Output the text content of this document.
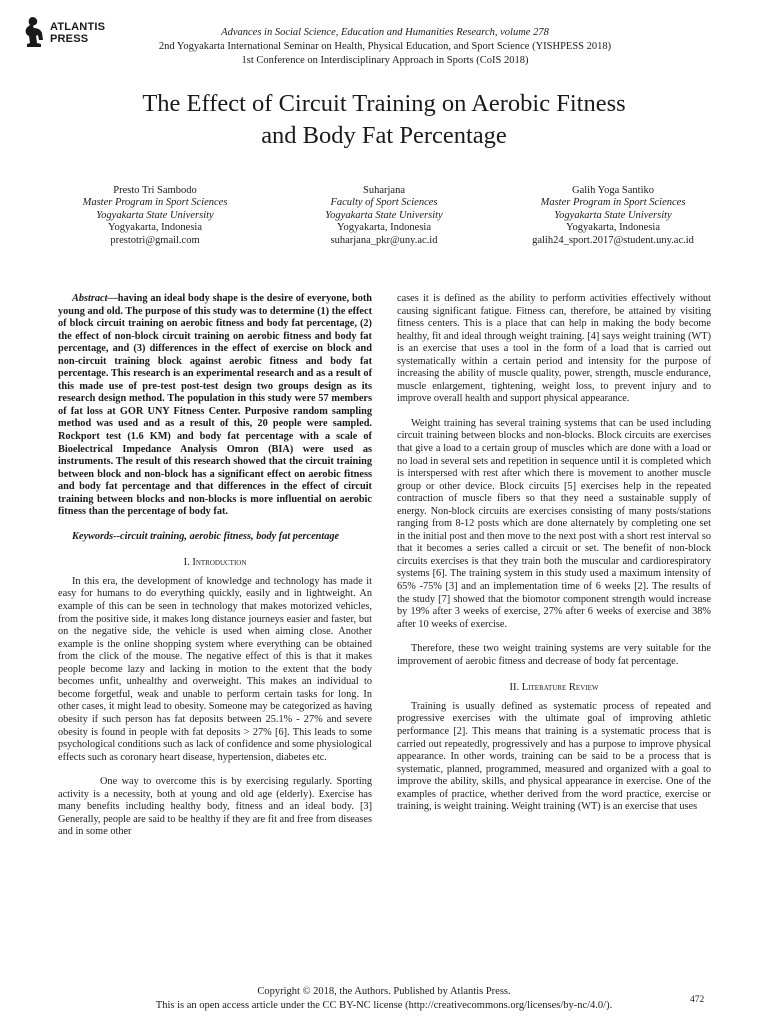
ATLANTIS
PRESS
Advances in Social Science, Education and Humanities Research, volume 278
2nd Yogyakarta International Seminar on Health, Physical Education, and Sport Science (YISHPESS 2018)
1st Conference on Interdisciplinary Approach in Sports (CoIS 2018)
The Effect of Circuit Training on Aerobic Fitness
and Body Fat Percentage
Presto Tri Sambodo
Master Program in Sport Sciences
Yogyakarta State University
Yogyakarta, Indonesia
prestotri@gmail.com
Suharjana
Faculty of Sport Sciences
Yogyakarta State University
Yogyakarta, Indonesia
suharjana_pkr@uny.ac.id
Galih Yoga Santiko
Master Program in Sport Sciences
Yogyakarta State University
Yogyakarta, Indonesia
galih24_sport.2017@student.uny.ac.id

Abstract—having an ideal body shape is the desire of everyone, both young and old. The purpose of this study was to determine (1) the effect of block circuit training on aerobic fitness and body fat percentage, (2) the effect of non-block circuit training on aerobic fitness and body fat percentage, and (3) differences in the effect of exercise on block and non-circuit training block against aerobic fitness and body fat percentage. This research is an experimental research and as a result of this made use of pre-test post-test design two groups design as its research design method. The population in this study were 57 members of fat loss at GOR UNY Fitness Center. Purposive random sampling method was used and as a result of this, 20 people were sampled. Rockport test (1.6 KM) and body fat percentage with a scale of Bioelectrical Impedance Analysis Omron (BIA) were used as instruments. The result of this research showed that the circuit training between block and non-block has a significant effect on aerobic fitness and body fat percentage and that differences in the effect of circuit training between blocks and non-blocks is more influential on aerobic fitness than the percentage of body fat.

Keywords--circuit training, aerobic fitness, body fat percentage

I. Introduction

In this era, the development of knowledge and technology has made it easy for humans to do everything quickly, easily and in lightweight. An example of this can be seen in technology that makes motorized vehicles, from the positive side, it makes long distance journeys easier and faster, but on the negative side, the vehicle is used when aiming close. Another example is the online shopping system where everything can be obtained from the click of the mouse. The negative effect of this is that it makes people become lazy and lacking in motion to the extent that the body becomes unfit, unhealthy and overweight. This makes an individual to become forgetful, weak and unable to perform certain tasks for long. In other cases, it might lead to obesity. Someone may be categorized as having obesity if such person has fat deposits between 25.1% - 27% and severe obesity is found in people with fat deposits > 27% [6]. This leads to some psychological conditions such as lack of confidence and some physiological effects such as coronary heart disease, hypertension, diabetes etc.

One way to overcome this is by exercising regularly. Sporting activity is a necessity, both at young and old age (elderly). Exercise has many benefits including healthy body, fitness and an ideal body. [3] Generally, people are said to be healthy if they are fit and free from diseases and in some other

cases it is defined as the ability to perform activities effectively without causing significant fatigue. Fitness can, therefore, be attained by visiting fitness centers. This is a place that can help in making the body become healthy, fit and ideal through weight training. [4] says weight training (WT) is an exercise that uses a tool in the form of a load that is carried out systematically within a certain period and intensity for the purpose of increasing the ability of muscle quality, power, strength, muscle endurance, muscle enlargement, tightening, weight loss, to prevent injury and to improve overall health and support physical appearance.

Weight training has several training systems that can be used including circuit training between blocks and non-blocks. Block circuits are exercises that give a load to a certain group of muscles which are done with a load or no load in several sets and repetition in sequence until it is completed which is interspersed with rest after which there is movement to another muscle group or other device. Block circuits [5] exercises help in the repeated contraction of muscle fibers so that they need a sustainable supply of energy. Non-block circuits are exercises consisting of many posts/stations ranging from 8-12 posts which are done alternately by completing one set in the initial post and then move to the next post with a short rest interval so that it becomes a series called a circuit or set. The benefit of non-block circuits exercises is that they train both the muscular and cardiorespiratory systems [6]. The training system in this study used a maximum intensity of 65% -75% [3] and an implementation time of 6 weeks [2]. The results of the study [7] showed that the biomotor component strength would increase by 19% after 3 weeks of exercise, 27% after 6 weeks of exercise and 38% after 10 weeks of exercise.

Therefore, these two weight training systems are very suitable for the improvement of aerobic fitness and decrease of body fat percentage.

II. Literature Review

Training is usually defined as systematic process of repeated and progressive exercises with the ultimate goal of improving athletic performance [2]. This means that training is a systematic process that is carried out repeatedly, progressively and has a purpose to improve physical appearance. In other words, training can be said to be a process that is systematic, planned, programmed, measured and organized with a goal to improve the ability, skills, and physical appearance in exercise. One of the examples of practice, whether derived from the word practice, exercise or training, is weight training. Weight training (WT) is an exercise that uses

Copyright © 2018, the Authors. Published by Atlantis Press.
This is an open access article under the CC BY-NC license (http://creativecommons.org/licenses/by-nc/4.0/).	472
